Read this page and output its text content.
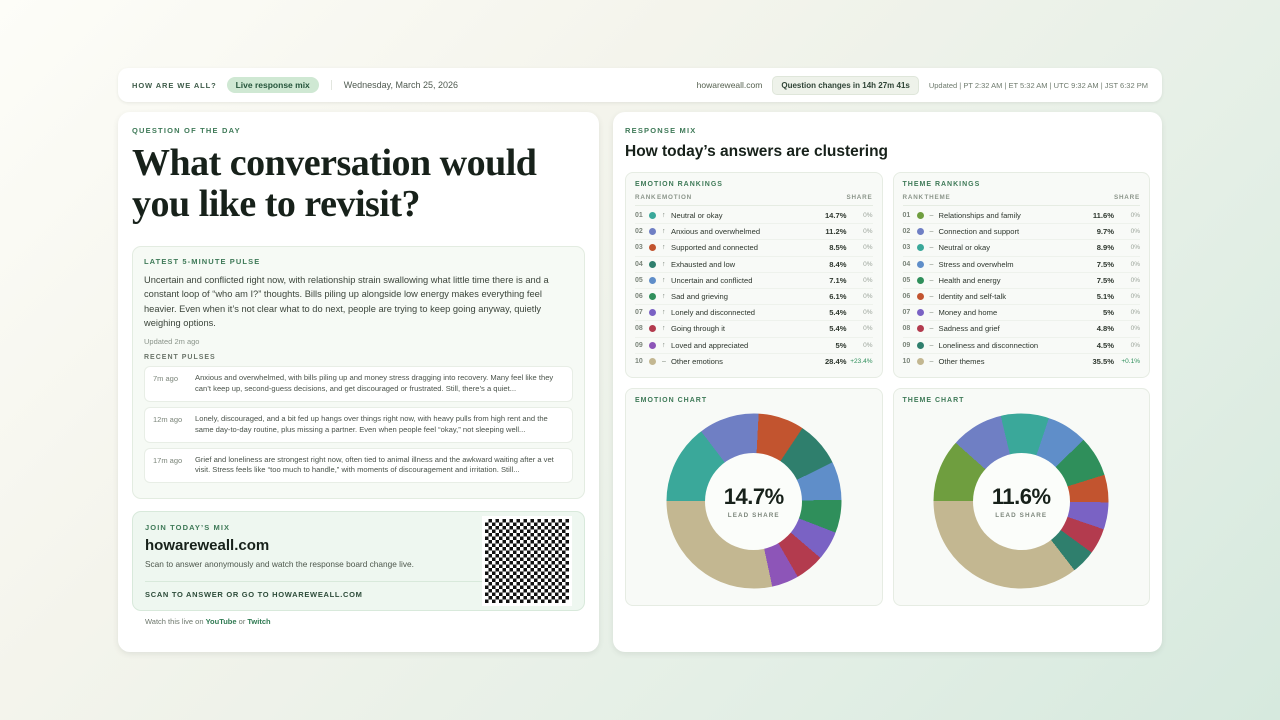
HOW ARE WE ALL?	Live response mix	Wednesday, March 25, 2026	howareweall.com	Question changes in 14h 27m 41s	Updated | PT 2:32 AM | ET 5:32 AM | UTC 9:32 AM | JST 6:32 PM
QUESTION OF THE DAY
What conversation would you like to revisit?
LATEST 5-MINUTE PULSE
Uncertain and conflicted right now, with relationship strain swallowing what little time there is and a constant loop of “who am I?” thoughts. Bills piling up alongside low energy makes everything feel heavier. Even when it’s not clear what to do next, people are trying to keep going anyway, quietly weighing options.
Updated 2m ago
RECENT PULSES
7m ago	Anxious and overwhelmed, with bills piling up and money stress dragging into recovery. Many feel like they can’t keep up, second-guess decisions, and get discouraged or frustrated. Still, there’s a quiet...
12m ago	Lonely, discouraged, and a bit fed up hangs over things right now, with heavy pulls from high rent and the same day-to-day routine, plus missing a partner. Even when people feel “okay,” not sleeping well...
17m ago	Grief and loneliness are strongest right now, often tied to animal illness and the awkward waiting after a vet visit. Stress feels like “too much to handle,” with moments of discouragement and irritation. Still...
JOIN TODAY’S MIX
howareweall.com
Scan to answer anonymously and watch the response board change live.
SCAN TO ANSWER OR GO TO HOWAREWEALL.COM
Watch this live on YouTube or Twitch
RESPONSE MIX
How today’s answers are clustering
EMOTION RANKINGS
RANK EMOTION	SHARE
01	↑ Neutral or okay	14.7%	0%
02	↑ Anxious and overwhelmed	11.2%	0%
03	↑ Supported and connected	8.5%	0%
04	↑ Exhausted and low	8.4%	0%
05	↑ Uncertain and conflicted	7.1%	0%
06	↑ Sad and grieving	6.1%	0%
07	↑ Lonely and disconnected	5.4%	0%
08	↑ Going through it	5.4%	0%
09	↑ Loved and appreciated	5%	0%
10	– Other emotions	28.4% +23.4%
THEME RANKINGS
RANK THEME	SHARE
01	– Relationships and family	11.6%	0%
02	– Connection and support	9.7%	0%
03	– Neutral or okay	8.9%	0%
04	– Stress and overwhelm	7.5%	0%
05	– Health and energy	7.5%	0%
06	– Identity and self-talk	5.1%	0%
07	– Money and home	5%	0%
08	– Sadness and grief	4.8%	0%
09	– Loneliness and disconnection	4.5%	0%
10	– Other themes	35.5%	+0.1%
EMOTION CHART
14.7%
LEAD SHARE
THEME CHART
11.6%
LEAD SHARE
